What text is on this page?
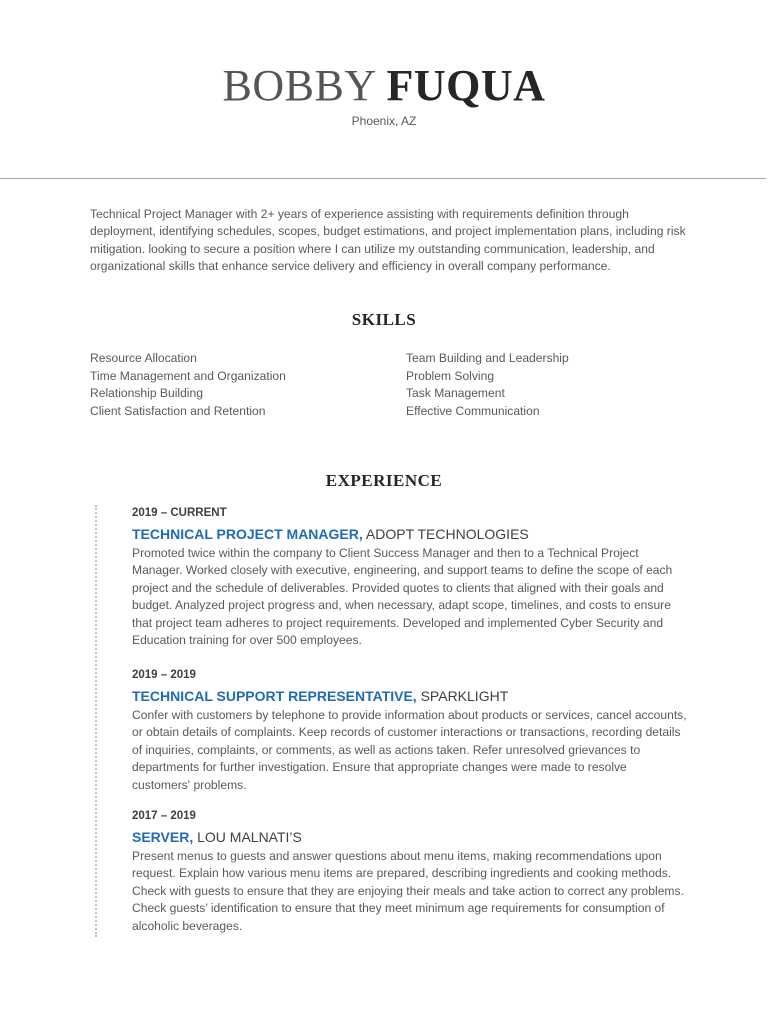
BOBBY FUQUA
Phoenix, AZ
Technical Project Manager with 2+ years of experience assisting with requirements definition through deployment, identifying schedules, scopes, budget estimations, and project implementation plans, including risk mitigation. looking to secure a position where I can utilize my outstanding communication, leadership, and organizational skills that enhance service delivery and efficiency in overall company performance.
SKILLS
Resource Allocation
Time Management and Organization
Relationship Building
Client Satisfaction and Retention
Team Building and Leadership
Problem Solving
Task Management
Effective Communication
EXPERIENCE
2019 – CURRENT
TECHNICAL PROJECT MANAGER, ADOPT TECHNOLOGIES
Promoted twice within the company to Client Success Manager and then to a Technical Project Manager. Worked closely with executive, engineering, and support teams to define the scope of each project and the schedule of deliverables. Provided quotes to clients that aligned with their goals and budget. Analyzed project progress and, when necessary, adapt scope, timelines, and costs to ensure that project team adheres to project requirements. Developed and implemented Cyber Security and Education training for over 500 employees.
2019 – 2019
TECHNICAL SUPPORT REPRESENTATIVE, SPARKLIGHT
Confer with customers by telephone to provide information about products or services, cancel accounts, or obtain details of complaints. Keep records of customer interactions or transactions, recording details of inquiries, complaints, or comments, as well as actions taken. Refer unresolved grievances to departments for further investigation. Ensure that appropriate changes were made to resolve customers' problems.
2017 – 2019
SERVER, LOU MALNATI’S
Present menus to guests and answer questions about menu items, making recommendations upon request. Explain how various menu items are prepared, describing ingredients and cooking methods. Check with guests to ensure that they are enjoying their meals and take action to correct any problems. Check guests’ identification to ensure that they meet minimum age requirements for consumption of alcoholic beverages.
